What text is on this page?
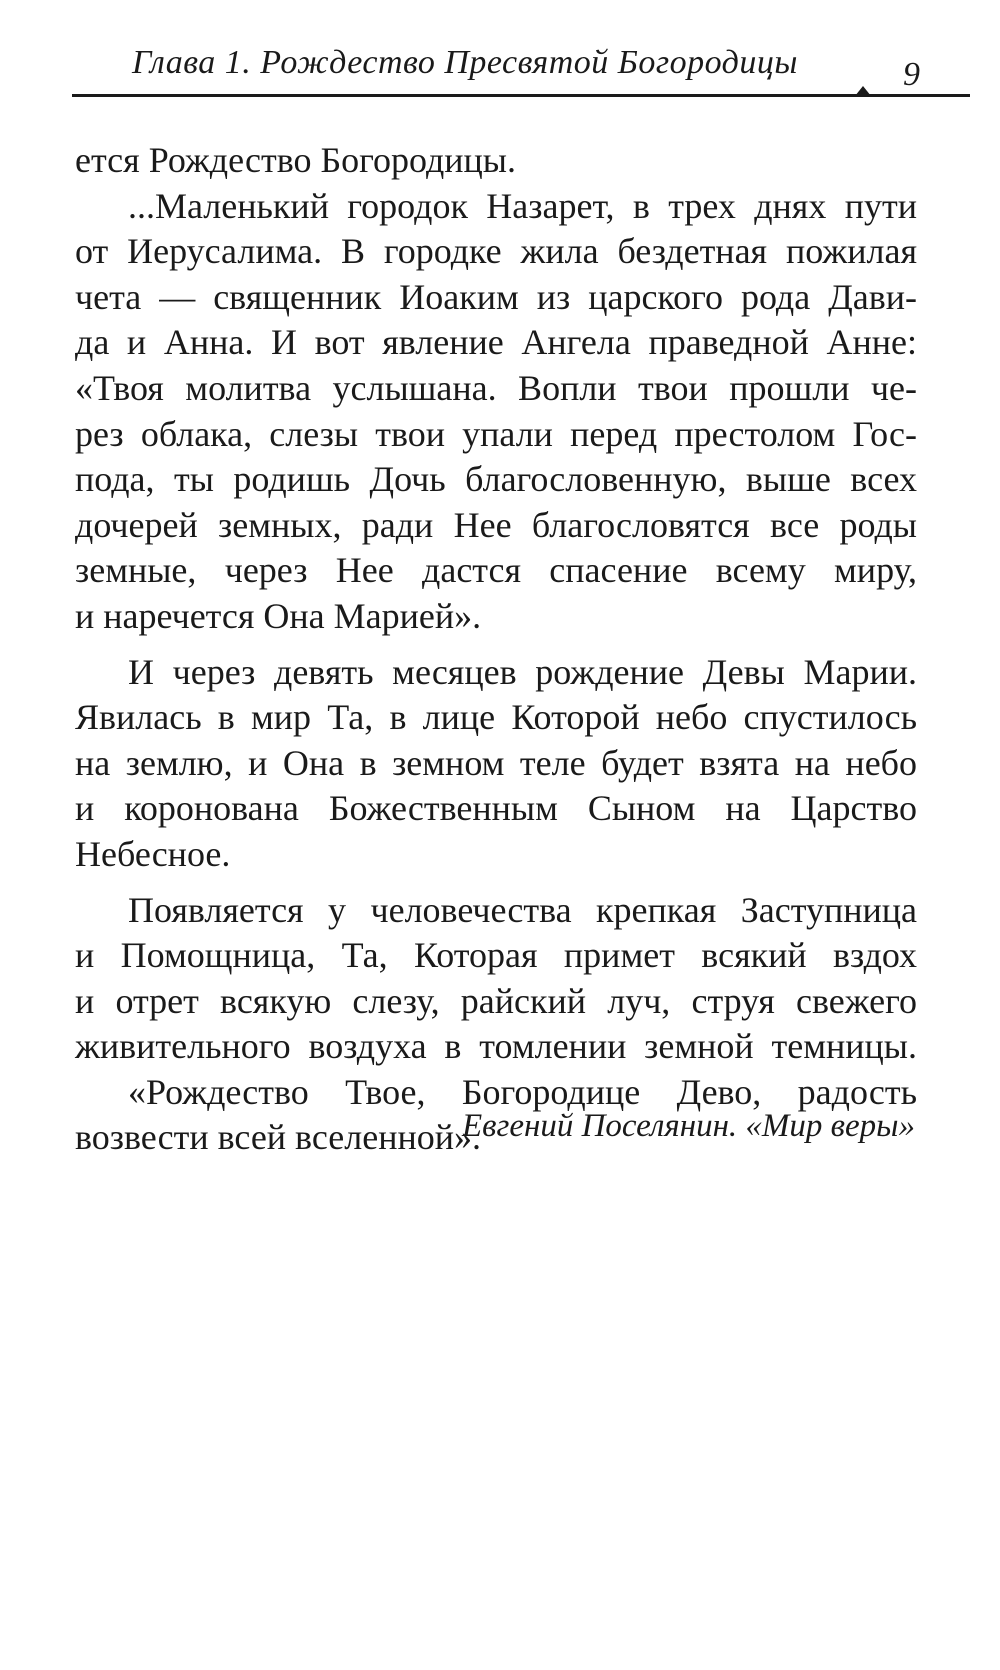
Глава 1. Рождество Пресвятой Богородицы	9
ется Рождество Богородицы.
...Маленький городок Назарет, в трех днях пути
от Иерусалима. В городке жила бездетная пожилая
чета — священник Иоаким из царского рода Дави-
да и Анна. И вот явление Ангела праведной Анне:
«Твоя молитва услышана. Вопли твои прошли че-
рез облака, слезы твои упали перед престолом Гос-
пода, ты родишь Дочь благословенную, выше всех
дочерей земных, ради Нее благословятся все роды
земные, через Нее дастся спасение всему миру,
и наречется Она Марией».
И через девять месяцев рождение Девы Марии.
Явилась в мир Та, в лице Которой небо спустилось
на землю, и Она в земном теле будет взята на небо
и коронована Божественным Сыном на Царство
Небесное.
Появляется у человечества крепкая Заступница
и Помощница, Та, Которая примет всякий вздох
и отрет всякую слезу, райский луч, струя свежего
живительного воздуха в томлении земной темницы.
«Рождество Твое, Богородице Дево, радость
возвести всей вселенной».
Евгений Поселянин. «Мир веры»
